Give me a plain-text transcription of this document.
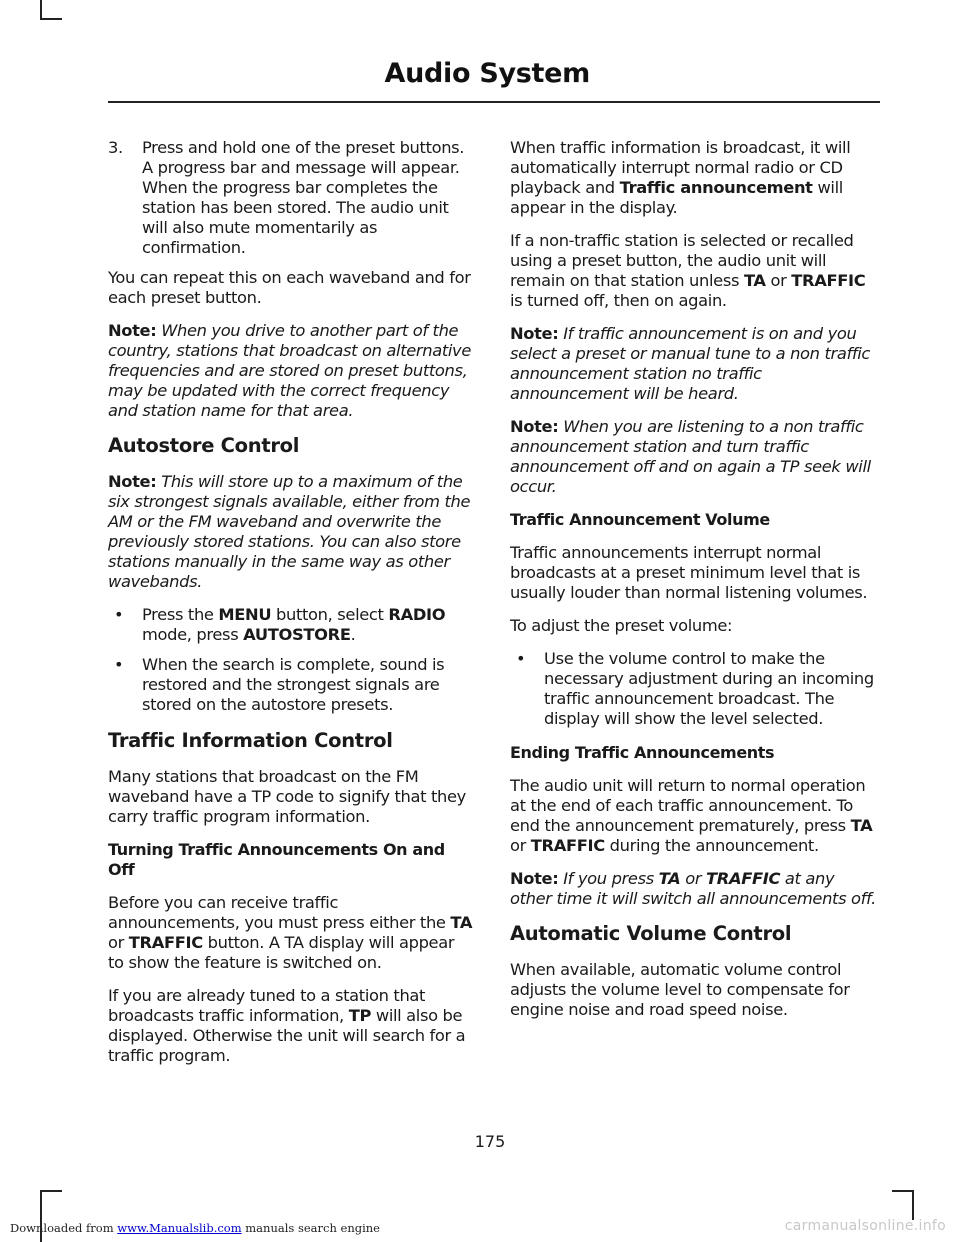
Audio System
3.	Press and hold one of the preset buttons. A progress bar and message will appear. When the progress bar completes the station has been stored. The audio unit will also mute momentarily as confirmation.

You can repeat this on each waveband and for each preset button.

Note: When you drive to another part of the country, stations that broadcast on alternative frequencies and are stored on preset buttons, may be updated with the correct frequency and station name for that area.

Autostore Control

Note: This will store up to a maximum of the six strongest signals available, either from the AM or the FM waveband and overwrite the previously stored stations. You can also store stations manually in the same way as other wavebands.

•	Press the MENU button, select RADIO mode, press AUTOSTORE.
•	When the search is complete, sound is restored and the strongest signals are stored on the autostore presets.
Traffic Information Control

Many stations that broadcast on the FM waveband have a TP code to signify that they carry traffic program information.

Turning Traffic Announcements On and Off

Before you can receive traffic announcements, you must press either the TA or TRAFFIC button. A TA display will appear to show the feature is switched on.

If you are already tuned to a station that broadcasts traffic information, TP will also be displayed. Otherwise the unit will search for a traffic program.

When traffic information is broadcast, it will automatically interrupt normal radio or CD playback and Traffic announcement will appear in the display.

If a non-traffic station is selected or recalled using a preset button, the audio unit will remain on that station unless TA or TRAFFIC is turned off, then on again.

Note: If traffic announcement is on and you select a preset or manual tune to a non traffic announcement station no traffic announcement will be heard.

Note: When you are listening to a non traffic announcement station and turn traffic announcement off and on again a TP seek will occur.

Traffic Announcement Volume

Traffic announcements interrupt normal broadcasts at a preset minimum level that is usually louder than normal listening volumes.

To adjust the preset volume:

•	Use the volume control to make the necessary adjustment during an incoming traffic announcement broadcast. The display will show the level selected.
Ending Traffic Announcements

The audio unit will return to normal operation at the end of each traffic announcement. To end the announcement prematurely, press TA or TRAFFIC during the announcement.

Note: If you press TA or TRAFFIC at any other time it will switch all announcements off.

Automatic Volume Control

When available, automatic volume control adjusts the volume level to compensate for engine noise and road speed noise.

175
Downloaded from www.Manualslib.com manuals search engine	carmanualsonline.info
